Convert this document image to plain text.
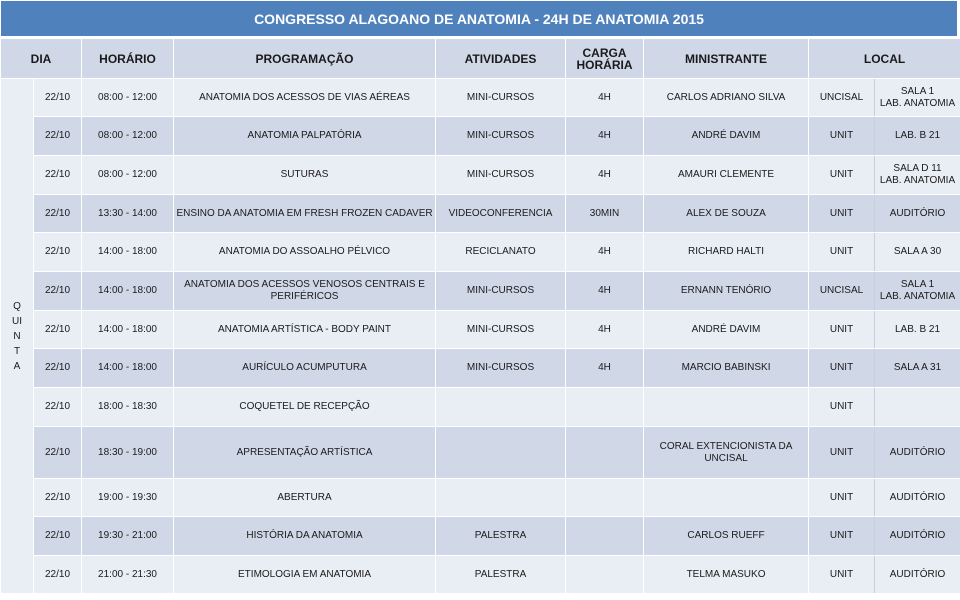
CONGRESSO ALAGOANO DE ANATOMIA - 24H DE ANATOMIA 2015
DIA		HORÁRIO	PROGRAMAÇÃO	ATIVIDADES	CARGA HORÁRIA	MINISTRANTE	LOCAL	
QUINTA	22/10	08:00 - 12:00	ANATOMIA DOS ACESSOS DE VIAS AÉREAS	MINI-CURSOS	4H	CARLOS ADRIANO SILVA	UNCISAL	SALA 1
LAB. ANATOMIA

	22/10	08:00 - 12:00	ANATOMIA PALPATÓRIA	MINI-CURSOS	4H	ANDRÉ DAVIM	UNIT	LAB. B 21

	22/10	08:00 - 12:00	SUTURAS	MINI-CURSOS	4H	AMAURI CLEMENTE	UNIT	SALA D 11
LAB. ANATOMIA

	22/10	13:30 - 14:00	ENSINO DA ANATOMIA EM FRESH FROZEN CADAVER	VIDEOCONFERENCIA	30MIN	ALEX DE SOUZA	UNIT	AUDITÓRIO

	22/10	14:00 - 18:00	ANATOMIA DO ASSOALHO PÉLVICO	RECICLANATO	4H	RICHARD HALTI	UNIT	SALA A 30

	22/10	14:00 - 18:00	ANATOMIA DOS ACESSOS VENOSOS CENTRAIS E PERIFÉRICOS	MINI-CURSOS	4H	ERNANN TENÓRIO	UNCISAL	SALA 1
LAB. ANATOMIA

	22/10	14:00 - 18:00	ANATOMIA ARTÍSTICA - BODY PAINT	MINI-CURSOS	4H	ANDRÉ DAVIM	UNIT	LAB. B 21

	22/10	14:00 - 18:00	AURÍCULO ACUMPUTURA	MINI-CURSOS	4H	MARCIO BABINSKI	UNIT	SALA A 31

	22/10	18:00 - 18:30	COQUETEL DE RECEPÇÃO				UNIT	

	22/10	18:30 - 19:00	APRESENTAÇÃO ARTÍSTICA			CORAL EXTENCIONISTA DA UNCISAL	UNIT	AUDITÓRIO

	22/10	19:00 - 19:30	ABERTURA				UNIT	AUDITÓRIO

	22/10	19:30 - 21:00	HISTÓRIA DA ANATOMIA	PALESTRA		CARLOS RUEFF	UNIT	AUDITÓRIO

	22/10	21:00 - 21:30	ETIMOLOGIA EM ANATOMIA	PALESTRA		TELMA MASUKO	UNIT	AUDITÓRIO
